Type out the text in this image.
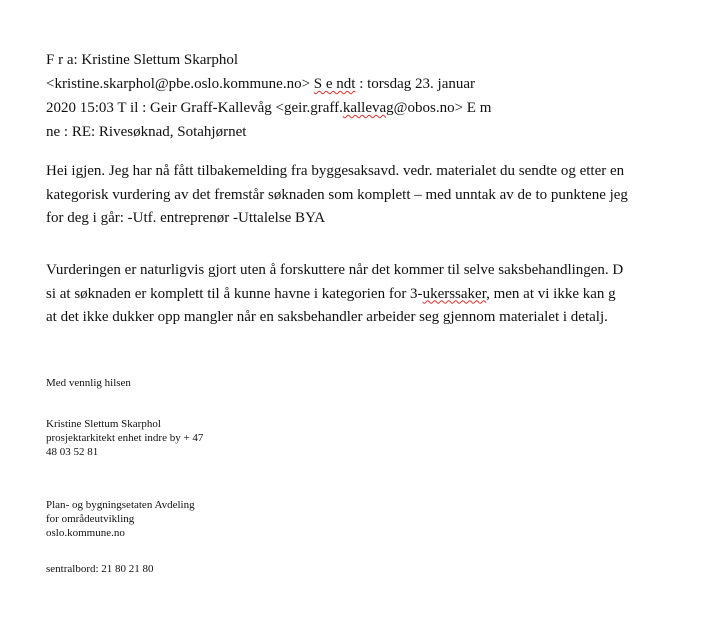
F r a: Kristine Slettum Skarphol
<kristine.skarphol@pbe.oslo.kommune.no> S e ndt : torsdag 23. januar
2020 15:03 T il : Geir Graff-Kallevåg <geir.graff.kallevag@obos.no> E m
ne : RE: Rivesøknad, Sotahjørnet
Hei igjen. Jeg har nå fått tilbakemelding fra byggesaksavd. vedr. materialet du sendte og etter en
kategorisk vurdering av det fremstår søknaden som komplett – med unntak av de to punktene jeg
for deg i går: -Utf. entreprenør -Uttalelse BYA
Vurderingen er naturligvis gjort uten å forskuttere når det kommer til selve saksbehandlingen. D
si at søknaden er komplett til å kunne havne i kategorien for 3-ukerssaker, men at vi ikke kan g
at det ikke dukker opp mangler når en saksbehandler arbeider seg gjennom materialet i detalj.
Med vennlig hilsen
Kristine Slettum Skarphol
prosjektarkitekt enhet indre by + 47
48 03 52 81
Plan- og bygningsetaten Avdeling
for områdeutvikling
oslo.kommune.no
sentralbord: 21 80 21 80
